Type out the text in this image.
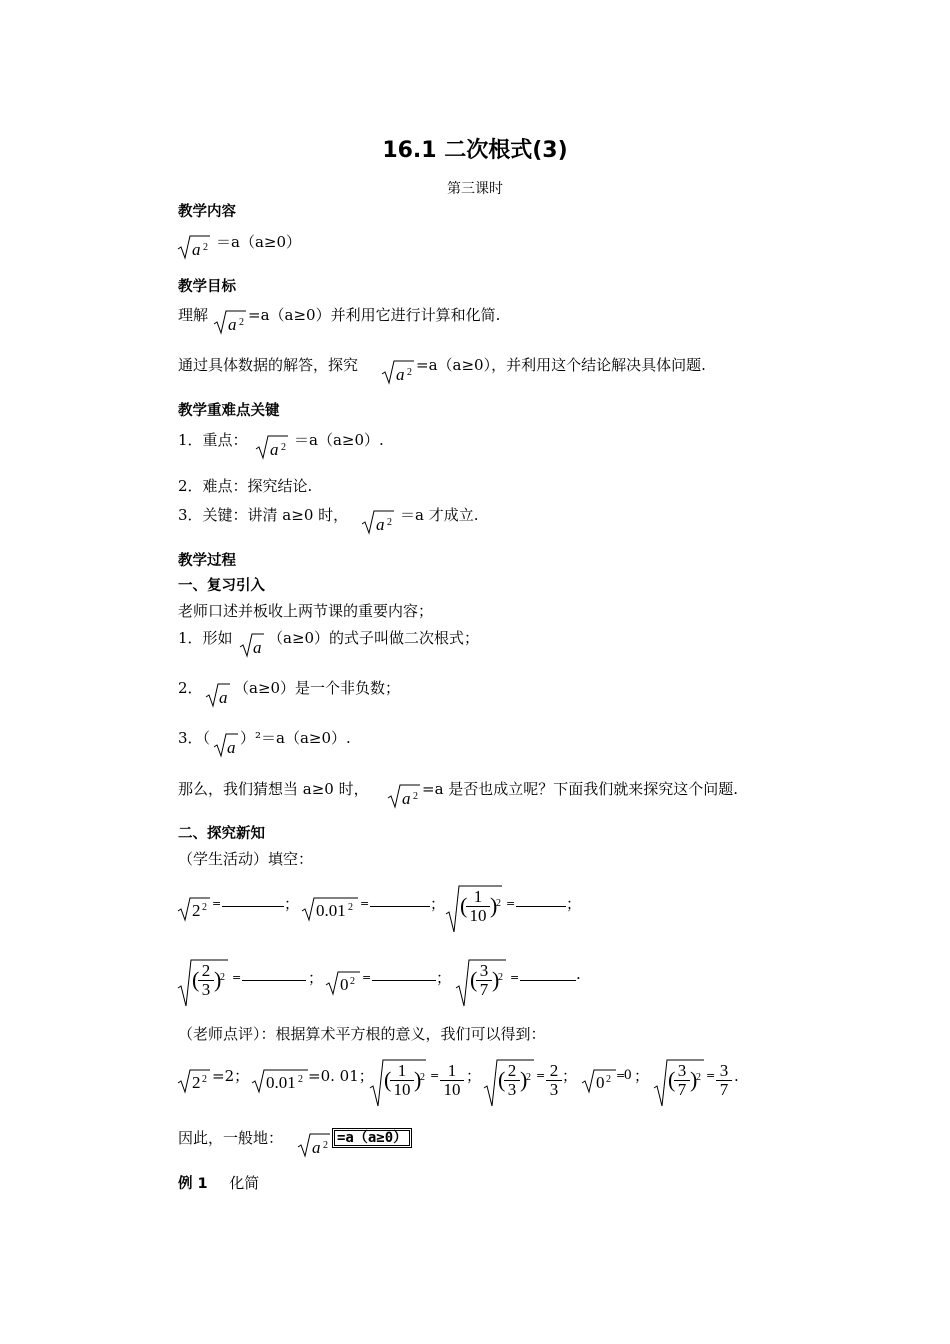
16.1 二次根式(3)
第三课时
教学内容
a 2 ＝a（a≥0）
教学目标
理解 a 2 =a（a≥0）并利用它进行计算和化简.
通过具体数据的解答，探究 a 2 =a（a≥0），并利用这个结论解决具体问题.
教学重难点关键
1．重点： a 2 ＝a（a≥0）.
2．难点：探究结论.
3．关键：讲清 a≥0 时， a 2 ＝a 才成立.
教学过程
一、复习引入
老师口述并板收上两节课的重要内容；
1．形如 a （a≥0）的式子叫做二次根式；
2． a （a≥0）是一个非负数；
3．（ a ）²＝a（a≥0）.
那么，我们猜想当 a≥0 时， a 2 =a 是否也成立呢？下面我们就来探究这个问题.
二、探究新知
（学生活动）填空：
2 2 =	； 0.01 2 =	； (
$\frac{1}{10}$ )
2 =	；
(
$\frac{2}{3}$ )
2 =	； 0 2 =	； (
$\frac{3}{7}$ )
2 =	.
（老师点评）：根据算术平方根的意义，我们可以得到：
2 2 =2； 0.01 2 =0. 01； (
$\frac{1}{10}$ )
$2 = \frac{1}{10}$ ； (
$\frac{2}{3}$ )
$2 = \frac{2}{3}$ ； 0 2 =
0 ； (
$\frac{3}{7}$ )
$2 = \frac{3}{7}$ .
因此，一般地： a 2 =a（a≥0）
例 1 化简
